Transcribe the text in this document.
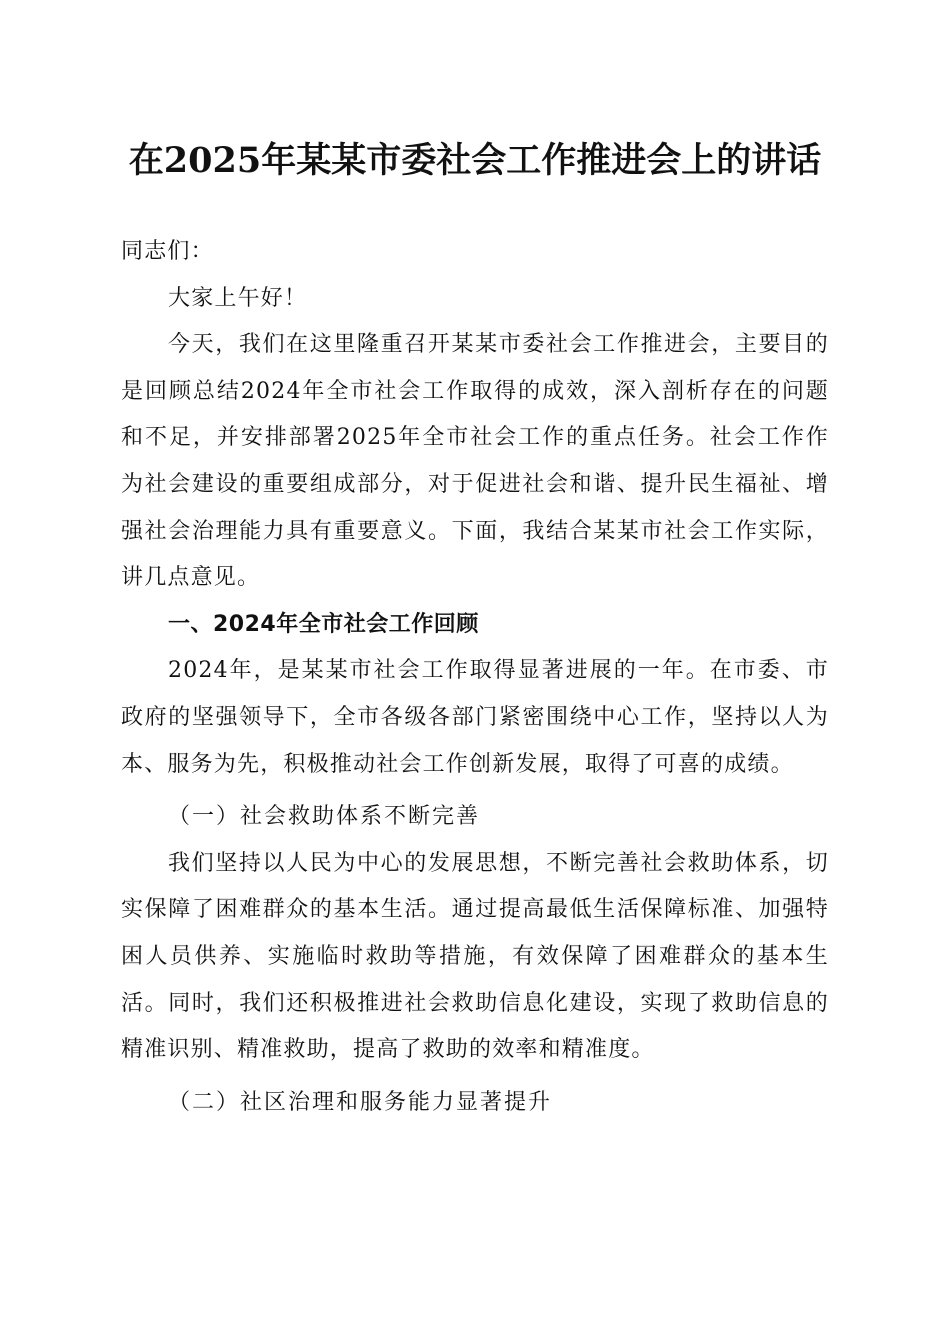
在2025年某某市委社会工作推进会上的讲话

同志们：

大家上午好！

今天，我们在这里隆重召开某某市委社会工作推进会，主要目的是回顾总结2024年全市社会工作取得的成效，深入剖析存在的问题和不足，并安排部署2025年全市社会工作的重点任务。社会工作作为社会建设的重要组成部分，对于促进社会和谐、提升民生福祉、增强社会治理能力具有重要意义。下面，我结合某某市社会工作实际，讲几点意见。

一、2024年全市社会工作回顾

2024年，是某某市社会工作取得显著进展的一年。在市委、市政府的坚强领导下，全市各级各部门紧密围绕中心工作，坚持以人为本、服务为先，积极推动社会工作创新发展，取得了可喜的成绩。

（一）社会救助体系不断完善

我们坚持以人民为中心的发展思想，不断完善社会救助体系，切实保障了困难群众的基本生活。通过提高最低生活保障标准、加强特困人员供养、实施临时救助等措施，有效保障了困难群众的基本生活。同时，我们还积极推进社会救助信息化建设，实现了救助信息的精准识别、精准救助，提高了救助的效率和精准度。

（二）社区治理和服务能力显著提升
